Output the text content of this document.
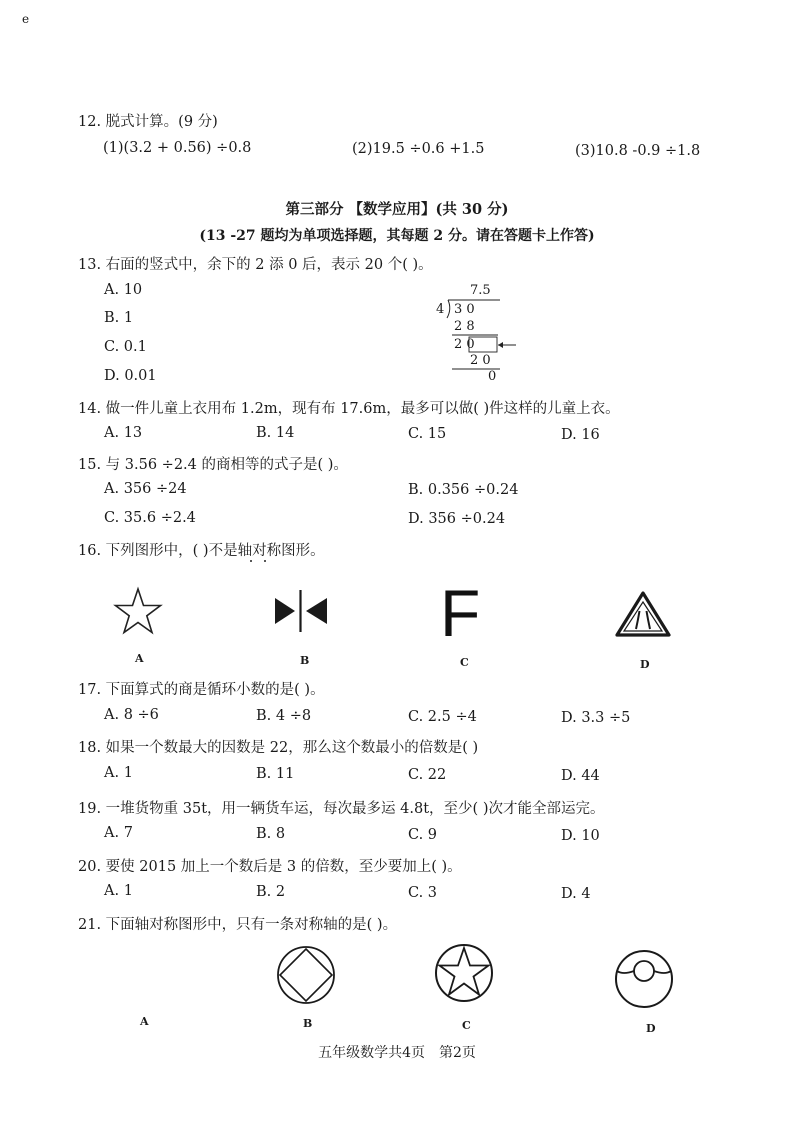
e
12. 脱式计算。(9 分)
(1)(3.2 + 0.56) ÷0.8	(2)19.5 ÷0.6 +1.5	(3)10.8 -0.9 ÷1.8
第三部分 【数学应用】(共 30 分)
(13 -27 题均为单项选择题，其每题 2 分。请在答题卡上作答)
13. 右面的竖式中，余下的 2 添 0 后，表示 20 个( )。
A. 10
B. 1
C. 0.1
D. 0.01
7.5
4 3 0
2 8
2 0
2 0
0
14. 做一件儿童上衣用布 1.2m，现有布 17.6m，最多可以做( )件这样的儿童上衣。
A. 13	B. 14	C. 15	D. 16
15. 与 3.56 ÷2.4 的商相等的式子是( )。
A. 356 ÷24	B. 0.356 ÷0.24
C. 35.6 ÷2.4	D. 356 ÷0.24
16. 下列图形中，( )不是轴对称图形。
A	B
F
C	D
17. 下面算式的商是循环小数的是( )。
A. 8 ÷6	B. 4 ÷8	C. 2.5 ÷4	D. 3.3 ÷5
18. 如果一个数最大的因数是 22，那么这个数最小的倍数是( )
A. 1	B. 11	C. 22	D. 44
19. 一堆货物重 35t，用一辆货车运，每次最多运 4.8t，至少( )次才能全部运完。
A. 7	B. 8	C. 9	D. 10
20. 要使 2015 加上一个数后是 3 的倍数，至少要加上( )。
A. 1	B. 2	C. 3	D. 4
21. 下面轴对称图形中，只有一条对称轴的是( )。
A	B	C	D
五年级数学共4页　第2页
